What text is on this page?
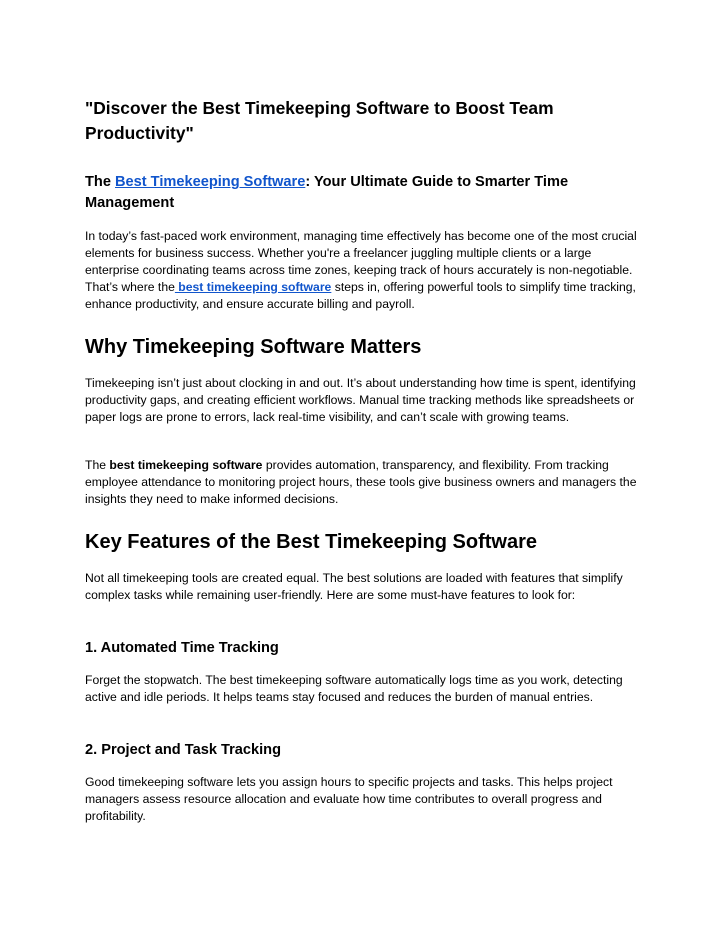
"Discover the Best Timekeeping Software to Boost Team Productivity"
The Best Timekeeping Software: Your Ultimate Guide to Smarter Time Management

In today’s fast-paced work environment, managing time effectively has become one of the most crucial elements for business success. Whether you're a freelancer juggling multiple clients or a large enterprise coordinating teams across time zones, keeping track of hours accurately is non-negotiable. That’s where the best timekeeping software steps in, offering powerful tools to simplify time tracking, enhance productivity, and ensure accurate billing and payroll.

Why Timekeeping Software Matters

Timekeeping isn’t just about clocking in and out. It’s about understanding how time is spent, identifying productivity gaps, and creating efficient workflows. Manual time tracking methods like spreadsheets or paper logs are prone to errors, lack real-time visibility, and can’t scale with growing teams.

The best timekeeping software provides automation, transparency, and flexibility. From tracking employee attendance to monitoring project hours, these tools give business owners and managers the insights they need to make informed decisions.

Key Features of the Best Timekeeping Software

Not all timekeeping tools are created equal. The best solutions are loaded with features that simplify complex tasks while remaining user-friendly. Here are some must-have features to look for:

1. Automated Time Tracking

Forget the stopwatch. The best timekeeping software automatically logs time as you work, detecting active and idle periods. It helps teams stay focused and reduces the burden of manual entries.

2. Project and Task Tracking

Good timekeeping software lets you assign hours to specific projects and tasks. This helps project managers assess resource allocation and evaluate how time contributes to overall progress and profitability.
